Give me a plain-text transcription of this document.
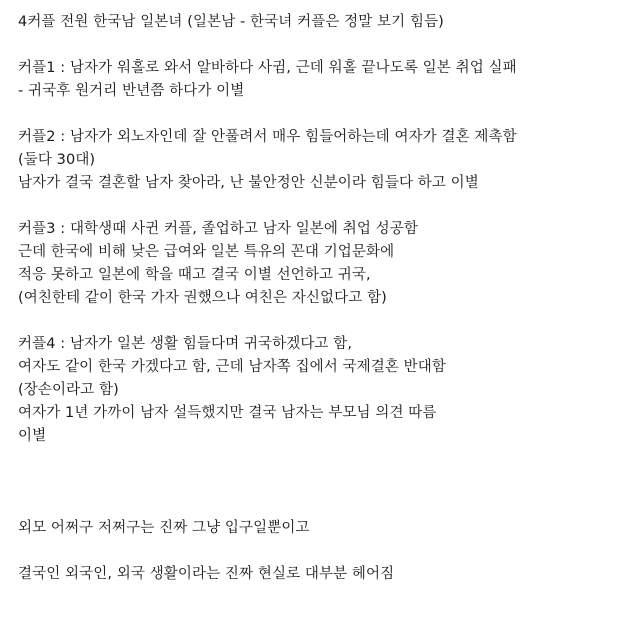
4커플 전원 한국남 일본녀 (일본남 - 한국녀 커플은 정말 보기 힘듬)
커플1 : 남자가 워홀로 와서 알바하다 사귐, 근데 워홀 끝나도록 일본 취업 실패
- 귀국후 원거리 반년쯤 하다가 이별
커플2 : 남자가 외노자인데 잘 안풀려서 매우 힘들어하는데 여자가 결혼 제촉함
(둘다 30대)
남자가 결국 결혼할 남자 찾아라, 난 불안정안 신분이라 힘들다 하고 이별
커플3 : 대학생때 사귄 커플, 졸업하고 남자 일본에 취업 성공함
근데 한국에 비해 낮은 급여와 일본 특유의 꼰대 기업문화에
적응 못하고 일본에 학을 때고 결국 이별 선언하고 귀국,
(여친한테 같이 한국 가자 권했으나 여친은 자신없다고 함)
커플4 : 남자가 일본 생활 힘들다며 귀국하겠다고 함,
여자도 같이 한국 가겠다고 함, 근데 남자쪽 집에서 국제결혼 반대함
(장손이라고 함)
여자가 1년 가까이 남자 설득했지만 결국 남자는 부모님 의견 따름
이별
외모 어쩌구 저쩌구는 진짜 그냥 입구일뿐이고
결국인 외국인, 외국 생활이라는 진짜 현실로 대부분 헤어짐
